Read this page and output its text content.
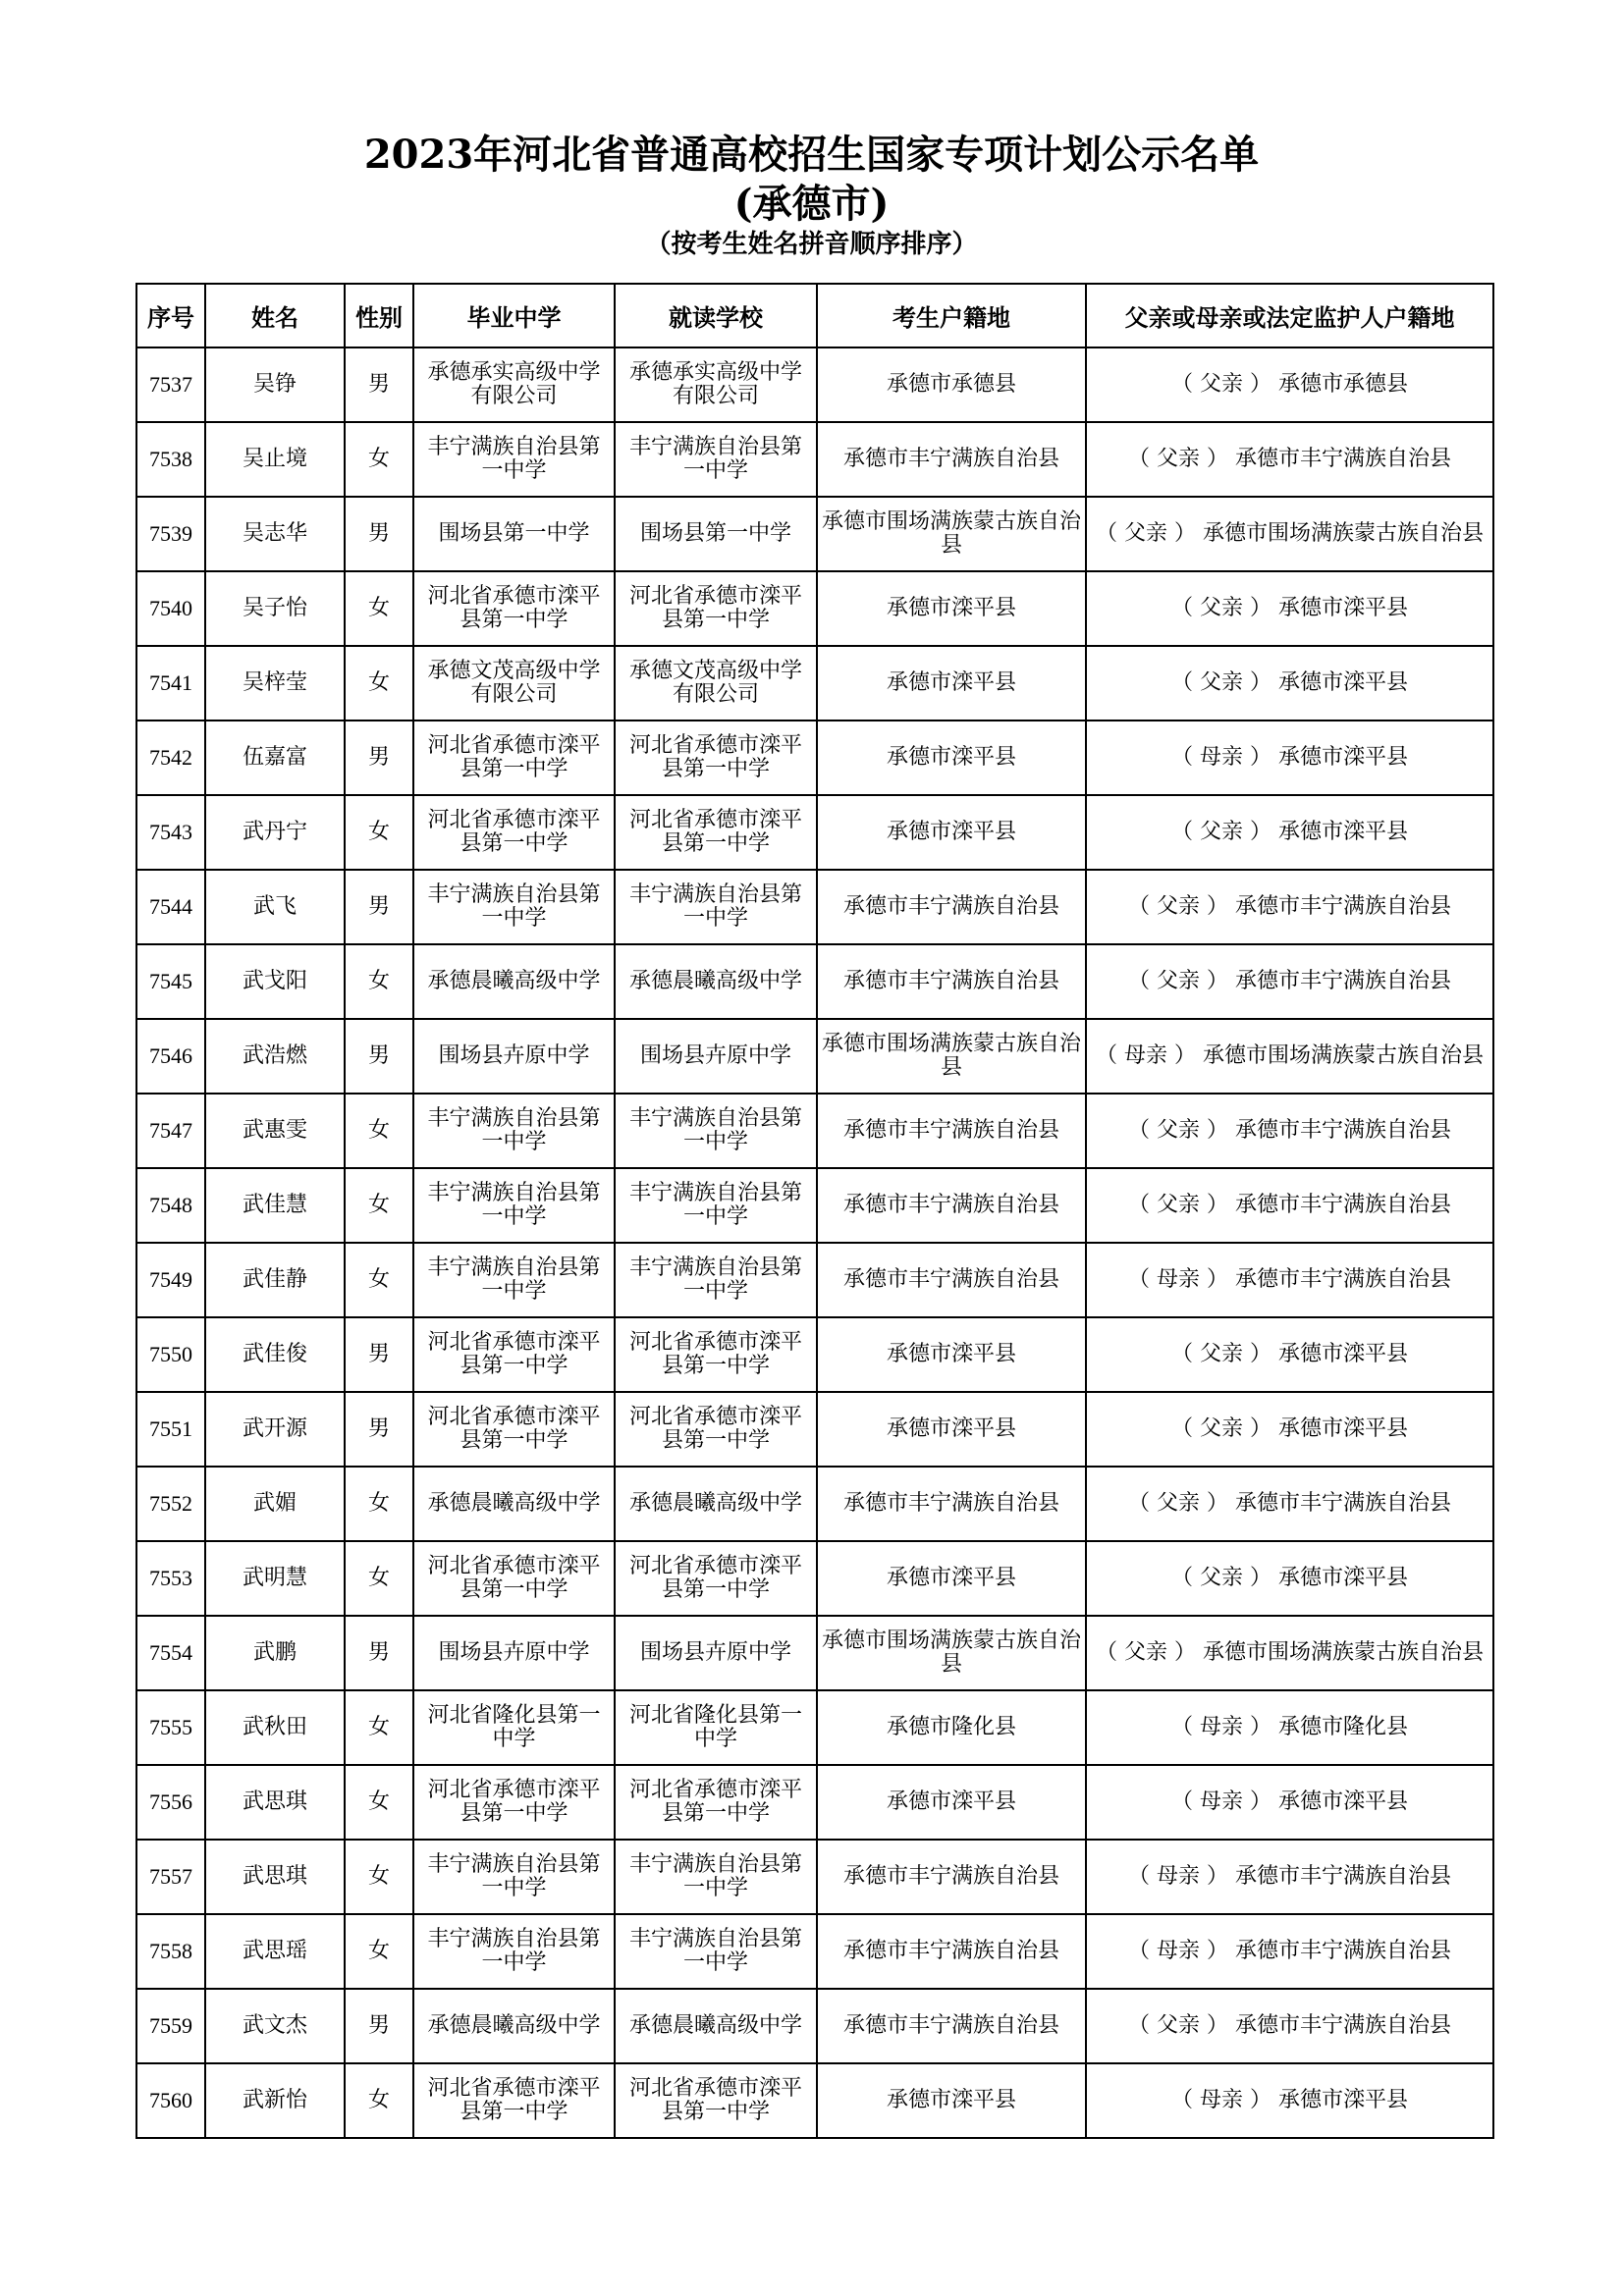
2023年河北省普通高校招生国家专项计划公示名单
(承德市)
（按考生姓名拼音顺序排序）
序号	姓名	性别	毕业中学	就读学校	考生户籍地	父亲或母亲或法定监护人户籍地
7537	吴铮	男	承德承实高级中学有限公司	承德承实高级中学有限公司	承德市承德县	（ 父亲 ） 承德市承德县
7538	吴止境	女	丰宁满族自治县第一中学	丰宁满族自治县第一中学	承德市丰宁满族自治县	（ 父亲 ） 承德市丰宁满族自治县
7539	吴志华	男	围场县第一中学	围场县第一中学	承德市围场满族蒙古族自治县	（ 父亲 ） 承德市围场满族蒙古族自治县
7540	吴子怡	女	河北省承德市滦平县第一中学	河北省承德市滦平县第一中学	承德市滦平县	（ 父亲 ） 承德市滦平县
7541	吴梓莹	女	承德文茂高级中学有限公司	承德文茂高级中学有限公司	承德市滦平县	（ 父亲 ） 承德市滦平县
7542	伍嘉富	男	河北省承德市滦平县第一中学	河北省承德市滦平县第一中学	承德市滦平县	（ 母亲 ） 承德市滦平县
7543	武丹宁	女	河北省承德市滦平县第一中学	河北省承德市滦平县第一中学	承德市滦平县	（ 父亲 ） 承德市滦平县
7544	武飞	男	丰宁满族自治县第一中学	丰宁满族自治县第一中学	承德市丰宁满族自治县	（ 父亲 ） 承德市丰宁满族自治县
7545	武戈阳	女	承德晨曦高级中学	承德晨曦高级中学	承德市丰宁满族自治县	（ 父亲 ） 承德市丰宁满族自治县
7546	武浩燃	男	围场县卉原中学	围场县卉原中学	承德市围场满族蒙古族自治县	（ 母亲 ） 承德市围场满族蒙古族自治县
7547	武惠雯	女	丰宁满族自治县第一中学	丰宁满族自治县第一中学	承德市丰宁满族自治县	（ 父亲 ） 承德市丰宁满族自治县
7548	武佳慧	女	丰宁满族自治县第一中学	丰宁满族自治县第一中学	承德市丰宁满族自治县	（ 父亲 ） 承德市丰宁满族自治县
7549	武佳静	女	丰宁满族自治县第一中学	丰宁满族自治县第一中学	承德市丰宁满族自治县	（ 母亲 ） 承德市丰宁满族自治县
7550	武佳俊	男	河北省承德市滦平县第一中学	河北省承德市滦平县第一中学	承德市滦平县	（ 父亲 ） 承德市滦平县
7551	武开源	男	河北省承德市滦平县第一中学	河北省承德市滦平县第一中学	承德市滦平县	（ 父亲 ） 承德市滦平县
7552	武媚	女	承德晨曦高级中学	承德晨曦高级中学	承德市丰宁满族自治县	（ 父亲 ） 承德市丰宁满族自治县
7553	武明慧	女	河北省承德市滦平县第一中学	河北省承德市滦平县第一中学	承德市滦平县	（ 父亲 ） 承德市滦平县
7554	武鹏	男	围场县卉原中学	围场县卉原中学	承德市围场满族蒙古族自治县	（ 父亲 ） 承德市围场满族蒙古族自治县
7555	武秋田	女	河北省隆化县第一中学	河北省隆化县第一中学	承德市隆化县	（ 母亲 ） 承德市隆化县
7556	武思琪	女	河北省承德市滦平县第一中学	河北省承德市滦平县第一中学	承德市滦平县	（ 母亲 ） 承德市滦平县
7557	武思琪	女	丰宁满族自治县第一中学	丰宁满族自治县第一中学	承德市丰宁满族自治县	（ 母亲 ） 承德市丰宁满族自治县
7558	武思瑶	女	丰宁满族自治县第一中学	丰宁满族自治县第一中学	承德市丰宁满族自治县	（ 母亲 ） 承德市丰宁满族自治县
7559	武文杰	男	承德晨曦高级中学	承德晨曦高级中学	承德市丰宁满族自治县	（ 父亲 ） 承德市丰宁满族自治县
7560	武新怡	女	河北省承德市滦平县第一中学	河北省承德市滦平县第一中学	承德市滦平县	（ 母亲 ） 承德市滦平县
